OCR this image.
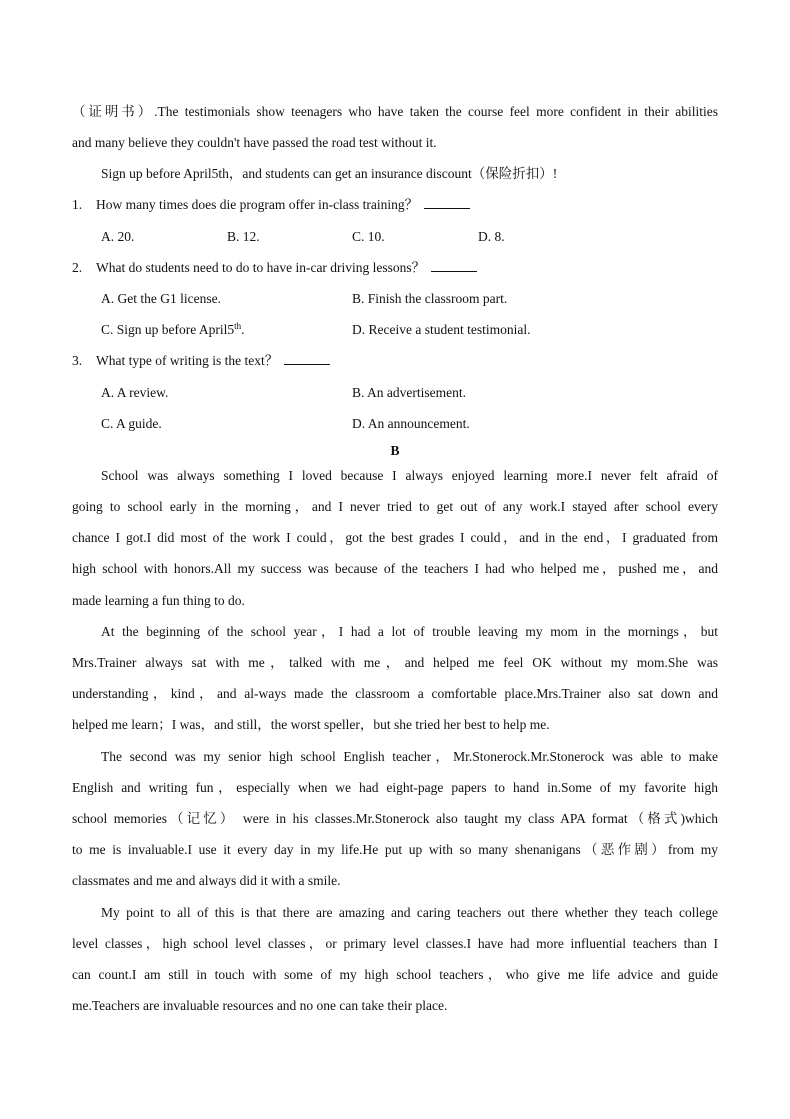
（证明书）.The testimonials show teenagers who have taken the course feel more confident in their abilities
and many believe they couldn't have passed the road test without it.
Sign up before April5th，and students can get an insurance discount（保险折扣）!
1. How many times does die program offer in-class training？
A. 20.	B. 12.	C. 10.	D. 8.
2. What do students need to do to have in-car driving lessons？
A. Get the G1 license.	B. Finish the classroom part.
C. Sign up before April5th.	D. Receive a student testimonial.
3. What type of writing is the text？
A. A review.	B. An advertisement.
C. A guide.	D. An announcement.
B
School was always something I loved because I always enjoyed learning more.I never felt afraid of
going to school early in the morning，and I never tried to get out of any work.I stayed after school every
chance I got.I did most of the work I could，got the best grades I could，and in the end，I graduated from
high school with honors.All my success was because of the teachers I had who helped me，pushed me，and
made learning a fun thing to do.
At the beginning of the school year，I had a lot of trouble leaving my mom in the mornings，but
Mrs.Trainer always sat with me，talked with me，and helped me feel OK without my mom.She was
understanding，kind，and al-ways made the classroom a comfortable place.Mrs.Trainer also sat down and
helped me learn；I was，and still，the worst speller，but she tried her best to help me.
The second was my senior high school English teacher，Mr.Stonerock.Mr.Stonerock was able to make
English and writing fun，especially when we had eight-page papers to hand in.Some of my favorite high
school memories（记忆） were in his classes.Mr.Stonerock also taught my class APA format（格式)which
to me is invaluable.I use it every day in my life.He put up with so many shenanigans（恶作剧）from my
classmates and me and always did it with a smile.
My point to all of this is that there are amazing and caring teachers out there whether they teach college
level classes，high school level classes，or primary level classes.I have had more influential teachers than I
can count.I am still in touch with some of my high school teachers，who give me life advice and guide
me.Teachers are invaluable resources and no one can take their place.
